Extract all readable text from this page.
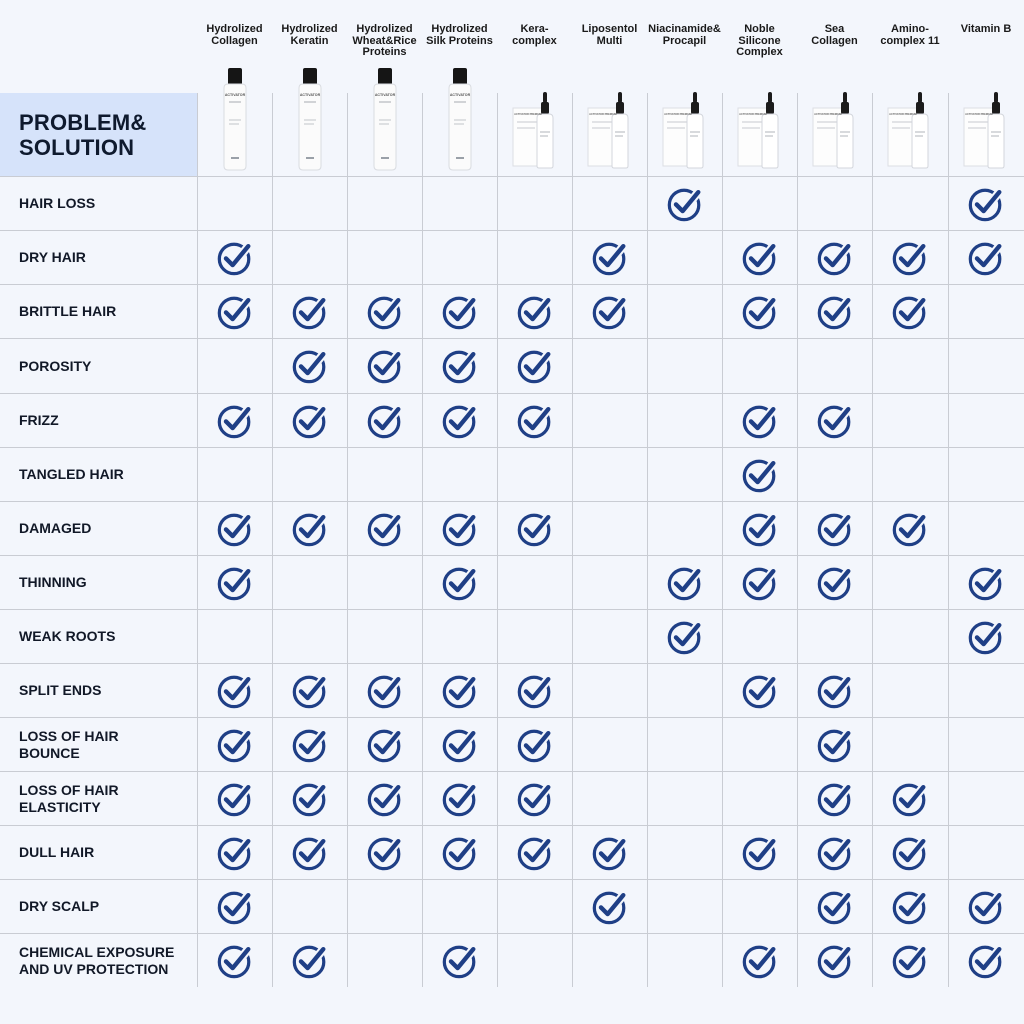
PROBLEM&
SOLUTION
Hydrolized
Collagen
ACTIVATOR
Hydrolized
Keratin
ACTIVATOR
Hydrolized
Wheat&Rice
Proteins
ACTIVATOR
Hydrolized
Silk Proteins
ACTIVATOR
Kera-
complex
ACTIVATOR PREMIUM
Liposentol
Multi
ACTIVATOR PREMIUM
Niacinamide&
Procapil
ACTIVATOR PREMIUM
Noble
Silicone
Complex
ACTIVATOR PREMIUM
Sea
Collagen
ACTIVATOR PREMIUM
Amino-
complex 11
ACTIVATOR PREMIUM
Vitamin B
ACTIVATOR PREMIUM
HAIR LOSS
DRY HAIR
BRITTLE HAIR
POROSITY
FRIZZ
TANGLED HAIR
DAMAGED
THINNING
WEAK ROOTS
SPLIT ENDS
LOSS OF HAIR
BOUNCE
LOSS OF HAIR
ELASTICITY
DULL HAIR
DRY SCALP
CHEMICAL EXPOSURE
AND UV PROTECTION
